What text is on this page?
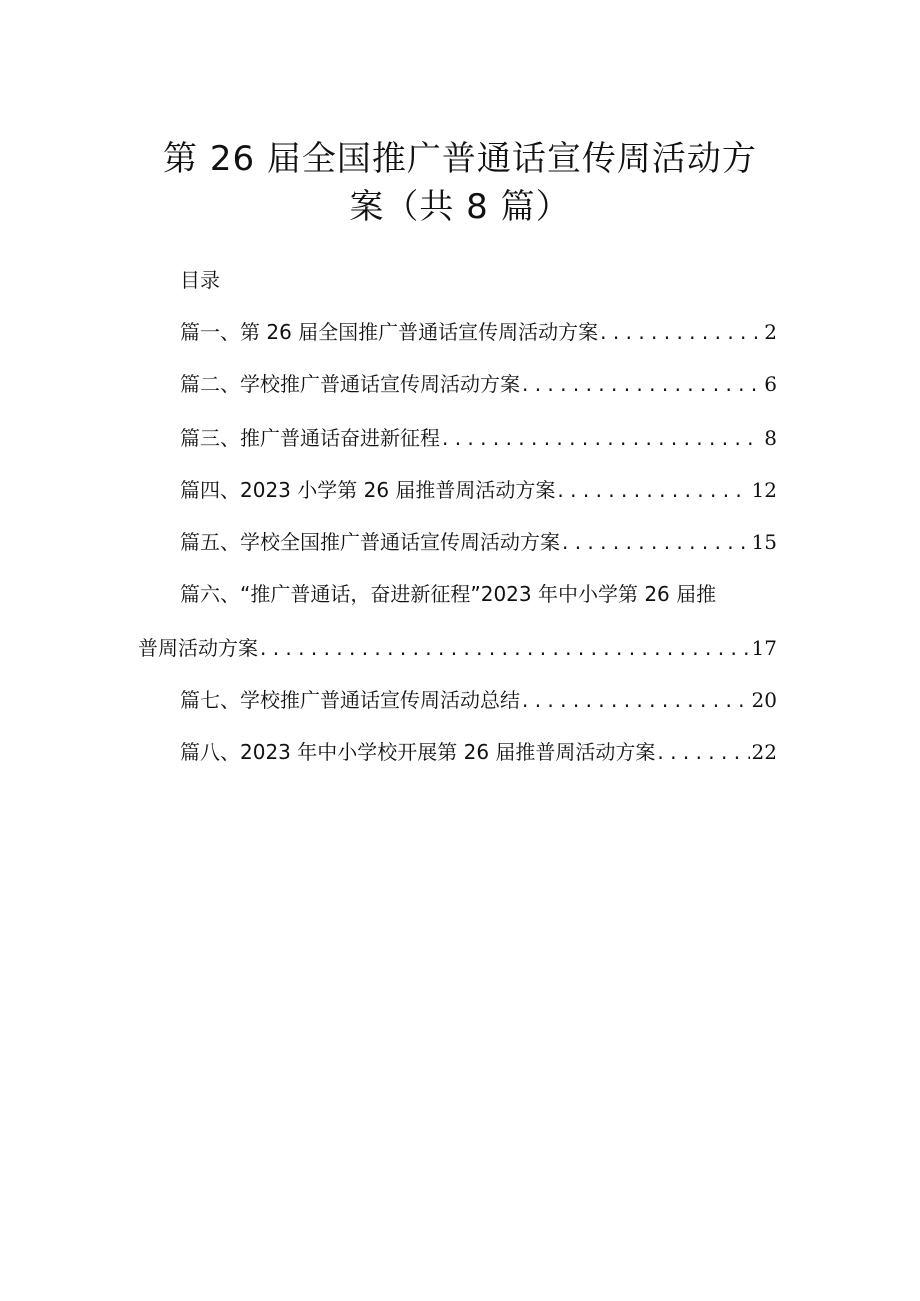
第 26 届全国推广普通话宣传周活动方
案（共 8 篇）
目录
篇一、第 26 届全国推广普通话宣传周活动方案 . . .	2
篇二、学校推广普通话宣传周活动方案 . . .	6
篇三、推广普通话奋进新征程 . . .	8
篇四、2023 小学第 26 届推普周活动方案 . . .	12
篇五、学校全国推广普通话宣传周活动方案 . . .	15
篇六、“推广普通话，奋进新征程”2023 年中小学第 26 届推
普周活动方案 . . .	17
篇七、学校推广普通话宣传周活动总结 . . .	20
篇八、2023 年中小学校开展第 26 届推普周活动方案 . . .	22
